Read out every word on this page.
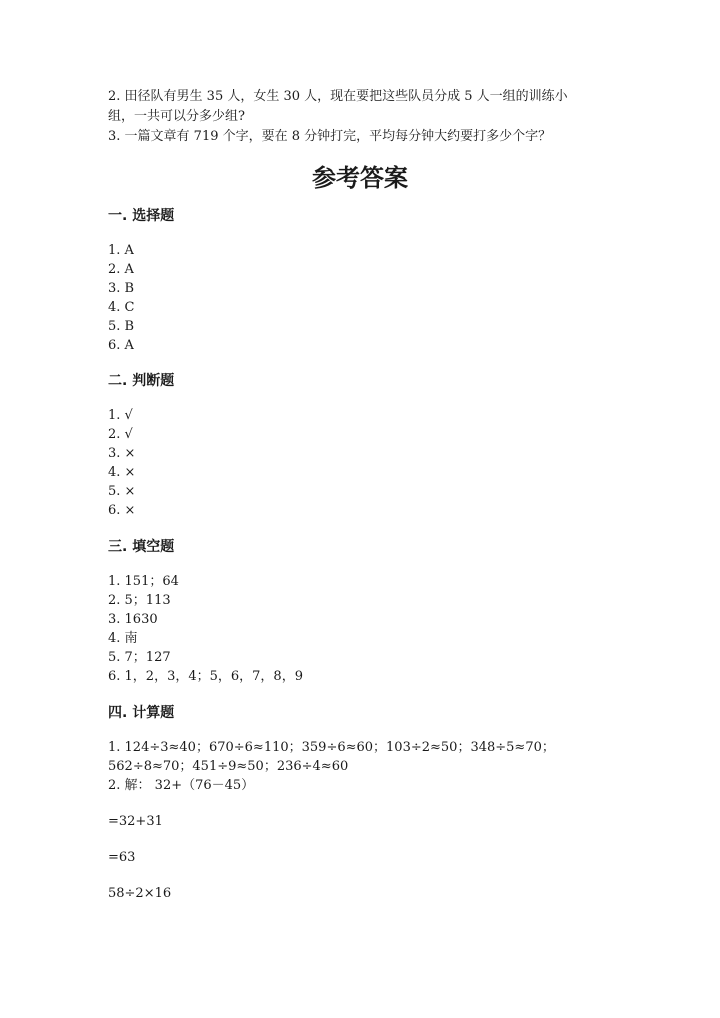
2. 田径队有男生 35 人，女生 30 人，现在要把这些队员分成 5 人一组的训练小
组，一共可以分多少组?
3. 一篇文章有 719 个字，要在 8 分钟打完，平均每分钟大约要打多少个字？
参考答案
一. 选择题
1. A
2. A
3. B
4. C
5. B
6. A
二. 判断题
1. √
2. √
3. ×
4. ×
5. ×
6. ×
三. 填空题
1. 151；64
2. 5；113
3. 1630
4. 南
5. 7；127
6. 1，2，3，4；5，6，7，8，9
四. 计算题
1. 124÷3≈40；670÷6≈110；359÷6≈60；103÷2≈50；348÷5≈70；
562÷8≈70；451÷9≈50；236÷4≈60
2. 解： 32+（76－45）
=32+31
=63
58÷2×16
